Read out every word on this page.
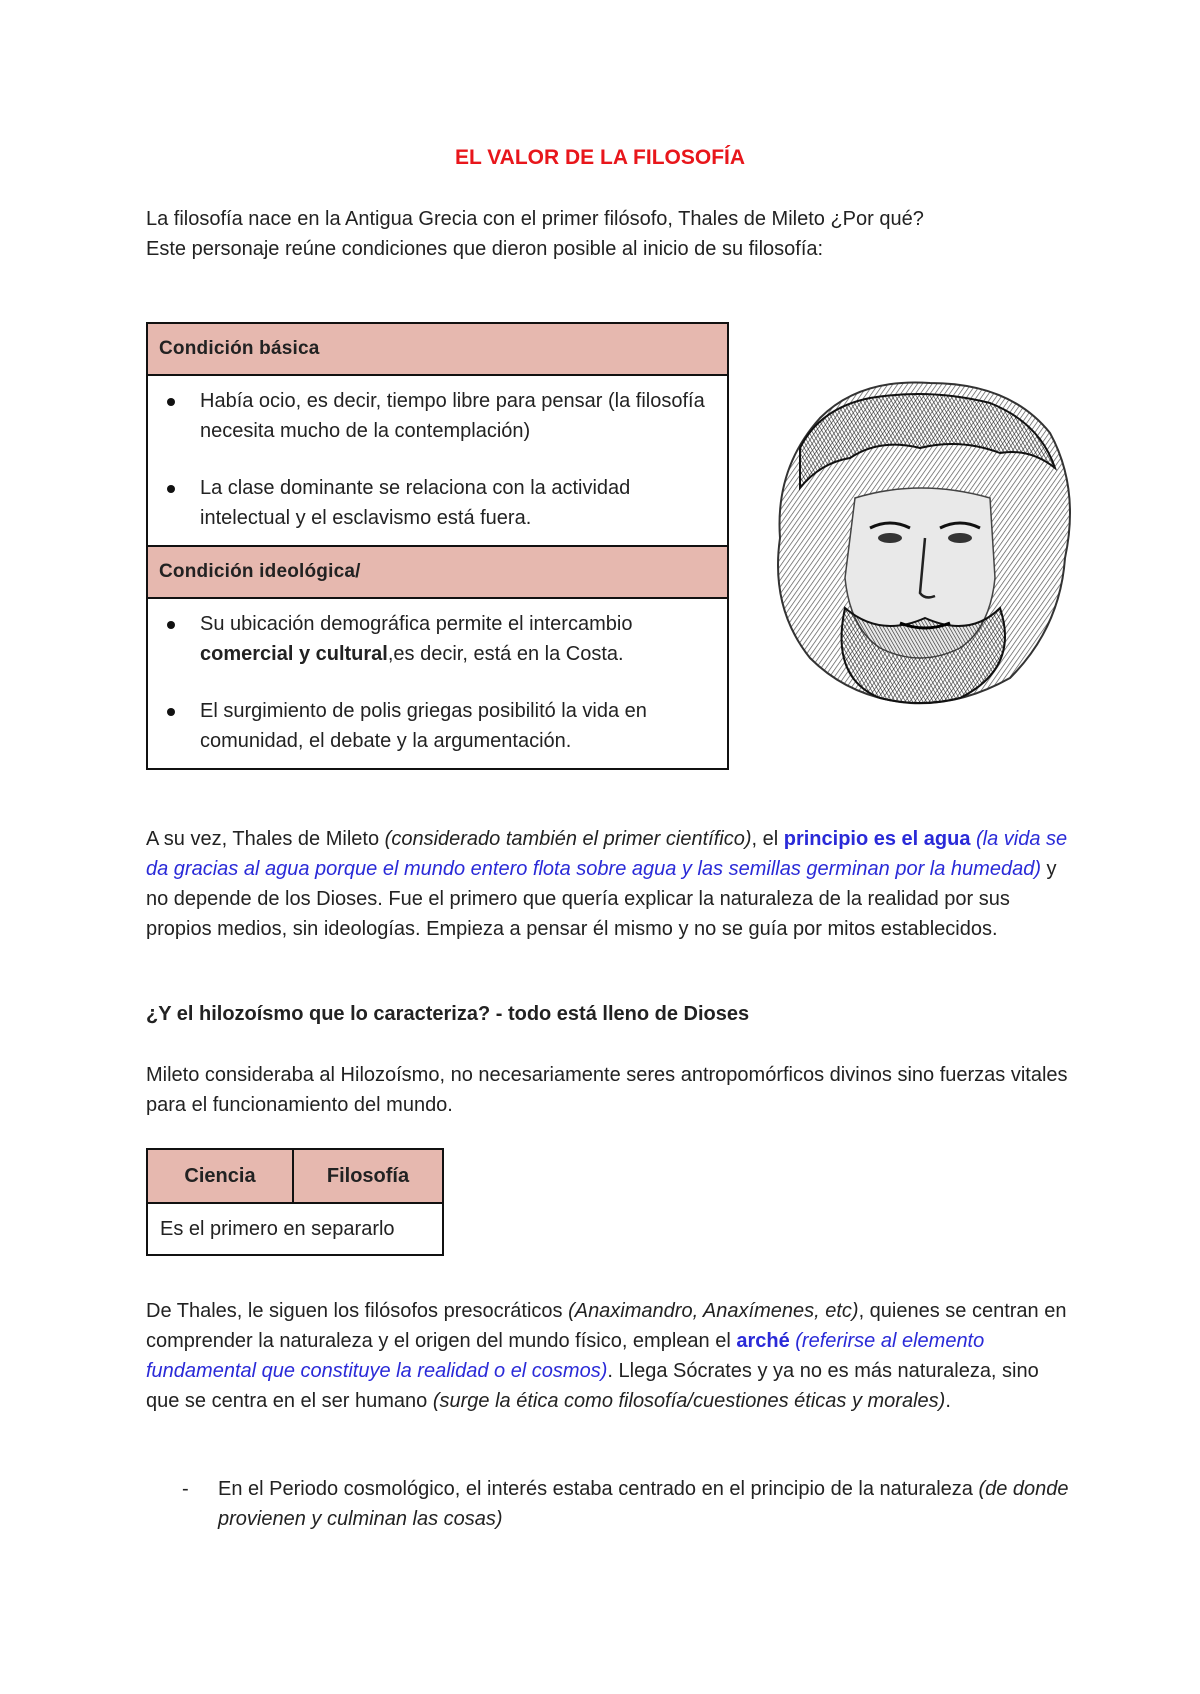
EL VALOR DE LA FILOSOFÍA

La filosofía nace en la Antigua Grecia con el primer filósofo, Thales de Mileto ¿Por qué?

Este personaje reúne condiciones que dieron posible al inicio de su filosofía:

Condición básica
Había ocio, es decir, tiempo libre para pensar (la filosofía necesita mucho de la contemplación)
La clase dominante se relaciona con la actividad intelectual y el esclavismo está fuera.
Condición ideológica/
Su ubicación demográfica permite el intercambio comercial y cultural,es decir, está en la Costa.
El surgimiento de polis griegas posibilitó la vida en comunidad, el debate y la argumentación.
A su vez, Thales de Mileto (considerado también el primer científico), el principio es el agua (la vida se da gracias al agua porque el mundo entero flota sobre agua y las semillas germinan por la humedad) y no depende de los Dioses. Fue el primero que quería explicar la naturaleza de la realidad por sus propios medios, sin ideologías. Empieza a pensar él mismo y no se guía por mitos establecidos.
¿Y el hilozoísmo que lo caracteriza? - todo está lleno de Dioses
Mileto consideraba al Hilozoísmo, no necesariamente seres antropomórficos divinos sino fuerzas vitales para el funcionamiento del mundo.
Ciencia	Filosofía
Es el primero en separarlo
De Thales, le siguen los filósofos presocráticos (Anaximandro, Anaxímenes, etc), quienes se centran en comprender la naturaleza y el origen del mundo físico, emplean el arché (referirse al elemento fundamental que constituye la realidad o el cosmos). Llega Sócrates y ya no es más naturaleza, sino que se centra en el ser humano (surge la ética como filosofía/cuestiones éticas y morales).
-	En el Periodo cosmológico, el interés estaba centrado en el principio de la naturaleza (de donde provienen y culminan las cosas)
